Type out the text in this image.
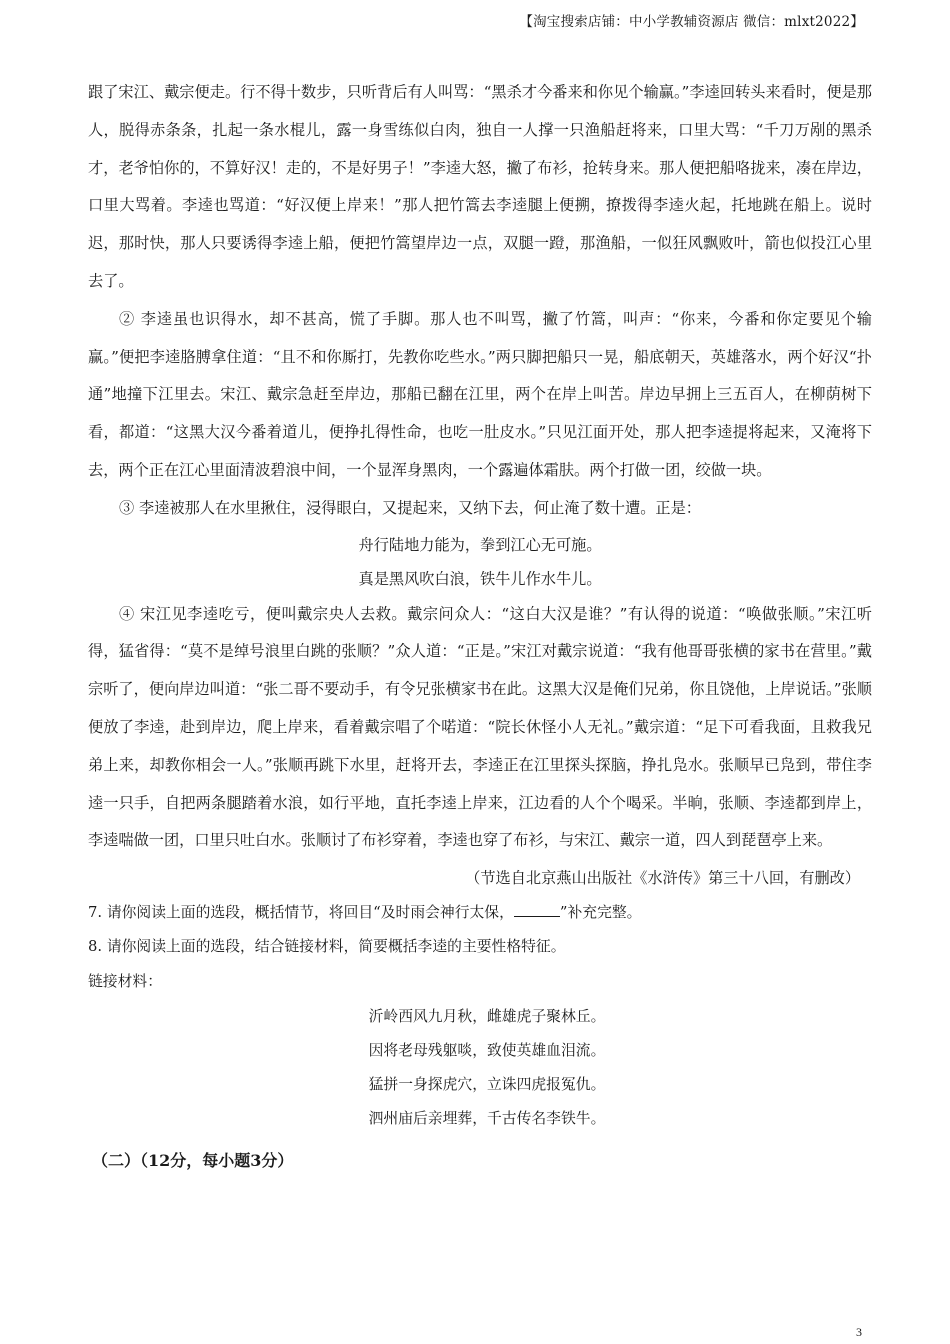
【淘宝搜索店铺：中小学教辅资源店 微信：mlxt2022】

跟了宋江、戴宗便走。行不得十数步，只听背后有人叫骂：“黑杀才今番来和你见个输赢。”李逵回转头来看时，便是那人，脱得赤条条，扎起一条水棍儿，露一身雪练似白肉，独自一人撑一只渔船赶将来，口里大骂：“千刀万剐的黑杀才，老爷怕你的，不算好汉！走的，不是好男子！”李逵大怒，撇了布衫，抢转身来。那人便把船咯拢来，凑在岸边，口里大骂着。李逵也骂道：“好汉便上岸来！”那人把竹篙去李逵腿上便搠，撩拨得李逵火起，托地跳在船上。说时迟，那时快，那人只要诱得李逵上船，便把竹篙望岸边一点，双腿一蹬，那渔船，一似狂风飘败叶，箭也似投江心里去了。

② 李逵虽也识得水，却不甚高，慌了手脚。那人也不叫骂，撇了竹篙，叫声：“你来，今番和你定要见个输赢。”便把李逵胳膊拿住道：“且不和你厮打，先教你吃些水。”两只脚把船只一晃，船底朝天，英雄落水，两个好汉“扑通”地撞下江里去。宋江、戴宗急赶至岸边，那船已翻在江里，两个在岸上叫苦。岸边早拥上三五百人，在柳荫树下看，都道：“这黑大汉今番着道儿，便挣扎得性命，也吃一肚皮水。”只见江面开处，那人把李逵提将起来，又淹将下去，两个正在江心里面清波碧浪中间，一个显浑身黑肉，一个露遍体霜肤。两个打做一团，绞做一块。

③ 李逵被那人在水里揪住，浸得眼白，又提起来，又纳下去，何止淹了数十遭。正是：

舟行陆地力能为，拳到江心无可施。

真是黑风吹白浪，铁牛儿作水牛儿。

④ 宋江见李逵吃亏，便叫戴宗央人去救。戴宗问众人：“这白大汉是谁？”有认得的说道：“唤做张顺。”宋江听得，猛省得：“莫不是绰号浪里白跳的张顺？”众人道：“正是。”宋江对戴宗说道：“我有他哥哥张横的家书在营里。”戴宗听了，便向岸边叫道：“张二哥不要动手，有令兄张横家书在此。这黑大汉是俺们兄弟，你且饶他，上岸说话。”张顺便放了李逵，赴到岸边，爬上岸来，看着戴宗唱了个喏道：“院长休怪小人无礼。”戴宗道：“足下可看我面，且救我兄弟上来，却教你相会一人。”张顺再跳下水里，赶将开去，李逵正在江里探头探脑，挣扎凫水。张顺早已凫到，带住李逵一只手，自把两条腿踏着水浪，如行平地，直托李逵上岸来，江边看的人个个喝采。半晌，张顺、李逵都到岸上，李逵喘做一团，口里只吐白水。张顺讨了布衫穿着，李逵也穿了布衫，与宋江、戴宗一道，四人到琵琶亭上来。

（节选自北京燕山出版社《水浒传》第三十八回，有删改）

7. 请你阅读上面的选段，概括情节，将回目“及时雨会神行太保，	”补充完整。

8. 请你阅读上面的选段，结合链接材料，简要概括李逵的主要性格特征。

链接材料：

沂岭西风九月秋，雌雄虎子聚林丘。

因将老母残躯啖，致使英雄血泪流。

猛拼一身探虎穴，立诛四虎报冤仇。

泗州庙后亲埋葬，千古传名李铁牛。

（二）（12分，每小题3分）

3
